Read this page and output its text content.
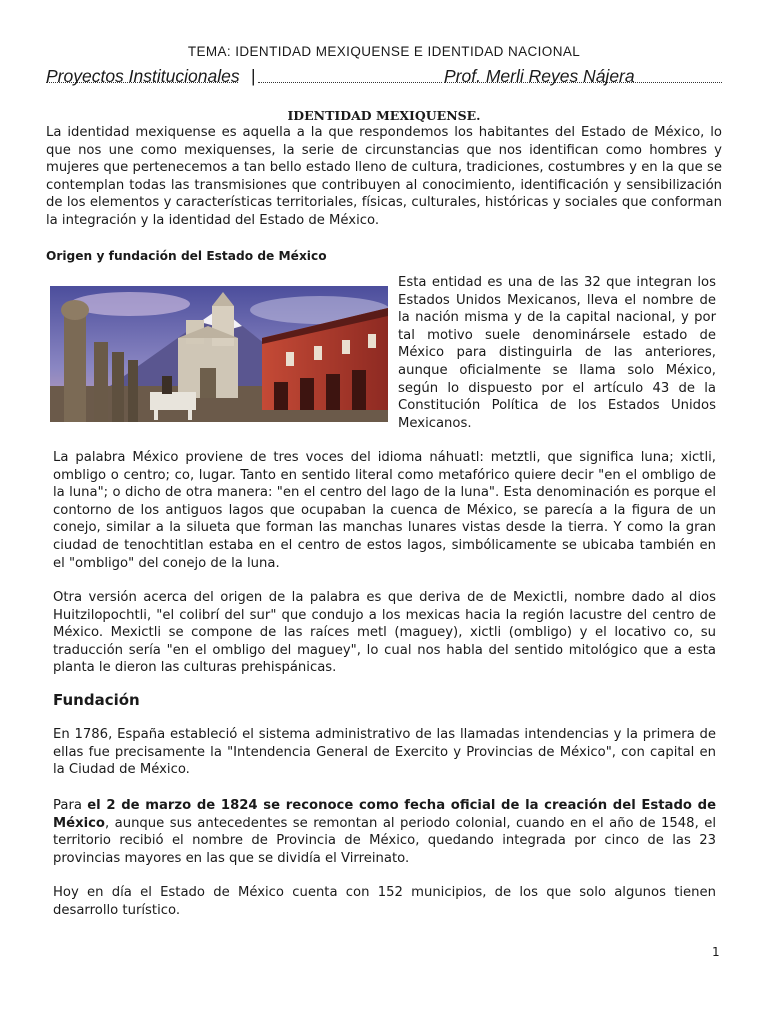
TEMA: IDENTIDAD MEXIQUENSE E IDENTIDAD NACIONAL
Proyectos Institucionales |	Prof. Merli Reyes Nájera
IDENTIDAD MEXIQUENSE.

La identidad mexiquense es aquella a la que respondemos los habitantes del Estado de México, lo que nos une como mexiquenses, la serie de circunstancias que nos identifican como hombres y mujeres que pertenecemos a tan bello estado lleno de cultura, tradiciones, costumbres y en la que se contemplan todas las transmisiones que contribuyen al conocimiento, identificación y sensibilización de los elementos y características territoriales, físicas, culturales, históricas y sociales que conforman la integración y la identidad del Estado de México.

Origen y fundación del Estado de México

Esta entidad es una de las 32 que integran los Estados Unidos Mexicanos, lleva el nombre de la nación misma y de la capital nacional, y por tal motivo suele denominársele estado de México para distinguirla de las anteriores, aunque oficialmente se llama solo México, según lo dispuesto por el artículo 43 de la Constitución Política de los Estados Unidos Mexicanos.

La palabra México proviene de tres voces del idioma náhuatl: metztli, que significa luna; xictli, ombligo o centro; co, lugar. Tanto en sentido literal como metafórico quiere decir "en el ombligo de la luna"; o dicho de otra manera: "en el centro del lago de la luna". Esta denominación es porque el contorno de los antiguos lagos que ocupaban la cuenca de México, se parecía a la figura de un conejo, similar a la silueta que forman las manchas lunares vistas desde la tierra. Y como la gran ciudad de tenochtitlan estaba en el centro de estos lagos, simbólicamente se ubicaba también en el "ombligo" del conejo de la luna.

Otra versión acerca del origen de la palabra es que deriva de de Mexictli, nombre dado al dios Huitzilopochtli, "el colibrí del sur" que condujo a los mexicas hacia la región lacustre del centro de México. Mexictli se compone de las raíces metl (maguey), xictli (ombligo) y el locativo co, su traducción sería "en el ombligo del maguey", lo cual nos habla del sentido mitológico que a esta planta le dieron las culturas prehispánicas.

Fundación

En 1786, España estableció el sistema administrativo de las llamadas intendencias y la primera de ellas fue precisamente la "Intendencia General de Exercito y Provincias de México", con capital en la Ciudad de México.

Para el 2 de marzo de 1824 se reconoce como fecha oficial de la creación del Estado de México, aunque sus antecedentes se remontan al periodo colonial, cuando en el año de 1548, el territorio recibió el nombre de Provincia de México, quedando integrada por cinco de las 23 provincias mayores en las que se dividía el Virreinato.

Hoy en día el Estado de México cuenta con 152 municipios, de los que solo algunos tienen desarrollo turístico.

1
